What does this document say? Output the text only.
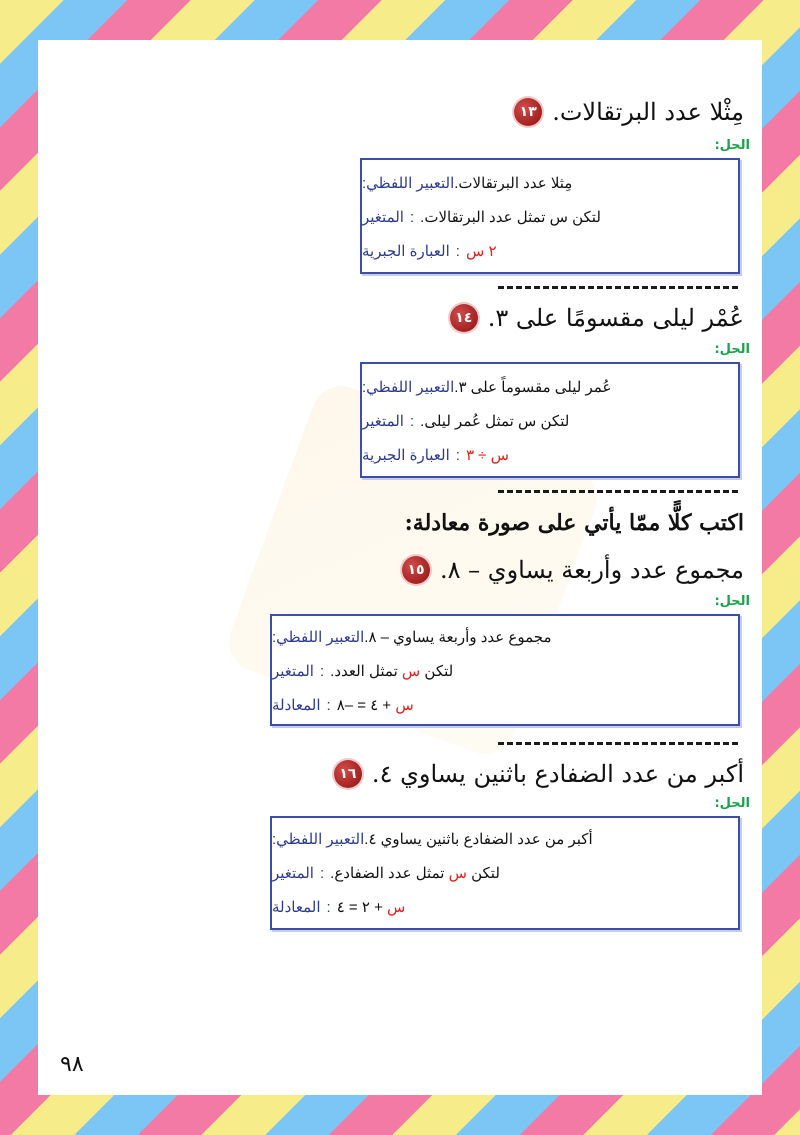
١٣ مِثْلا عدد البرتقالات.
الحل:
التعبير اللفظي: مِثلا عدد البرتقالات.
المتغير : لتكن س تمثل عدد البرتقالات.
العبارة الجبرية : ٢ س
١٤ عُمْر ليلى مقسومًا على ٣.
الحل:
التعبير اللفظي: عُمر ليلى مقسوماً على ٣.
المتغير : لتكن س تمثل عُمر ليلى.
العبارة الجبرية : س ÷ ٣
اكتب كلًّا ممّا يأتي على صورة معادلة:
١٥ مجموع عدد وأربعة يساوي – ٨.
الحل:
التعبير اللفظي: مجموع عدد وأربعة يساوي – ٨.
المتغير :	لتكن س تمثل العدد.
المعادلة :	س + ٤ = –٨
١٦ أكبر من عدد الضفادع باثنين يساوي ٤.
الحل:
التعبير اللفظي: أكبر من عدد الضفادع باثنين يساوي ٤.
المتغير :	لتكن س تمثل عدد الضفادع.
المعادلة :	س + ٢ = ٤
٩٨
